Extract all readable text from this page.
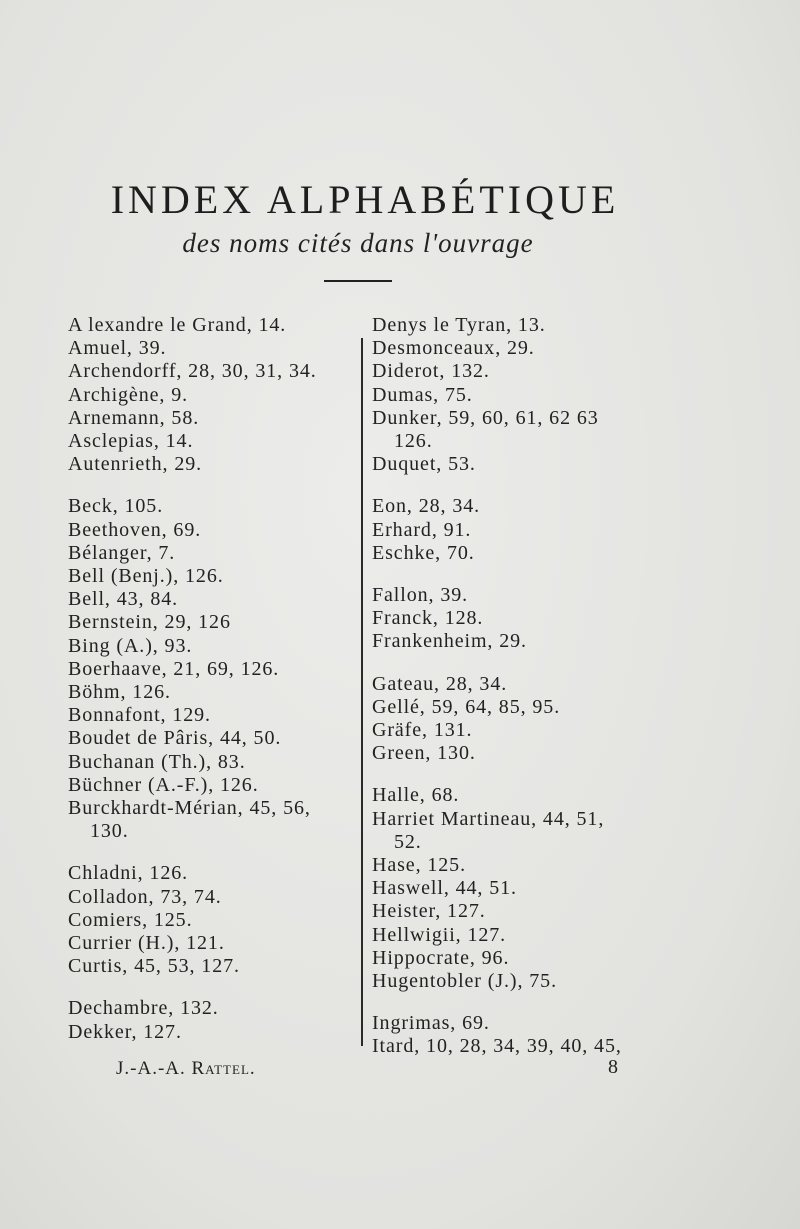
INDEX ALPHABÉTIQUE
des noms cités dans l'ouvrage
A lexandre le Grand, 14.
Amuel, 39.
Archendorff, 28, 30, 31, 34.
Archigène, 9.
Arnemann, 58.
Asclepias, 14.
Autenrieth, 29.
Beck, 105.
Beethoven, 69.
Bélanger, 7.
Bell (Benj.), 126.
Bell, 43, 84.
Bernstein, 29, 126
Bing (A.), 93.
Boerhaave, 21, 69, 126.
Böhm, 126.
Bonnafont, 129.
Boudet de Pâris, 44, 50.
Buchanan (Th.), 83.
Büchner (A.-F.), 126.
Burckhardt-Mérian, 45, 56,
130.
Chladni, 126.
Colladon, 73, 74.
Comiers, 125.
Currier (H.), 121.
Curtis, 45, 53, 127.
Dechambre, 132.
Dekker, 127.
Denys le Tyran, 13.
Desmonceaux, 29.
Diderot, 132.
Dumas, 75.
Dunker, 59, 60, 61, 62 63
126.
Duquet, 53.
Eon, 28, 34.
Erhard, 91.
Eschke, 70.
Fallon, 39.
Franck, 128.
Frankenheim, 29.
Gateau, 28, 34.
Gellé, 59, 64, 85, 95.
Gräfe, 131.
Green, 130.
Halle, 68.
Harriet Martineau, 44, 51,
52.
Hase, 125.
Haswell, 44, 51.
Heister, 127.
Hellwigii, 127.
Hippocrate, 96.
Hugentobler (J.), 75.
Ingrimas, 69.
Itard, 10, 28, 34, 39, 40, 45,
J.-A.-A. Rattel.	8
